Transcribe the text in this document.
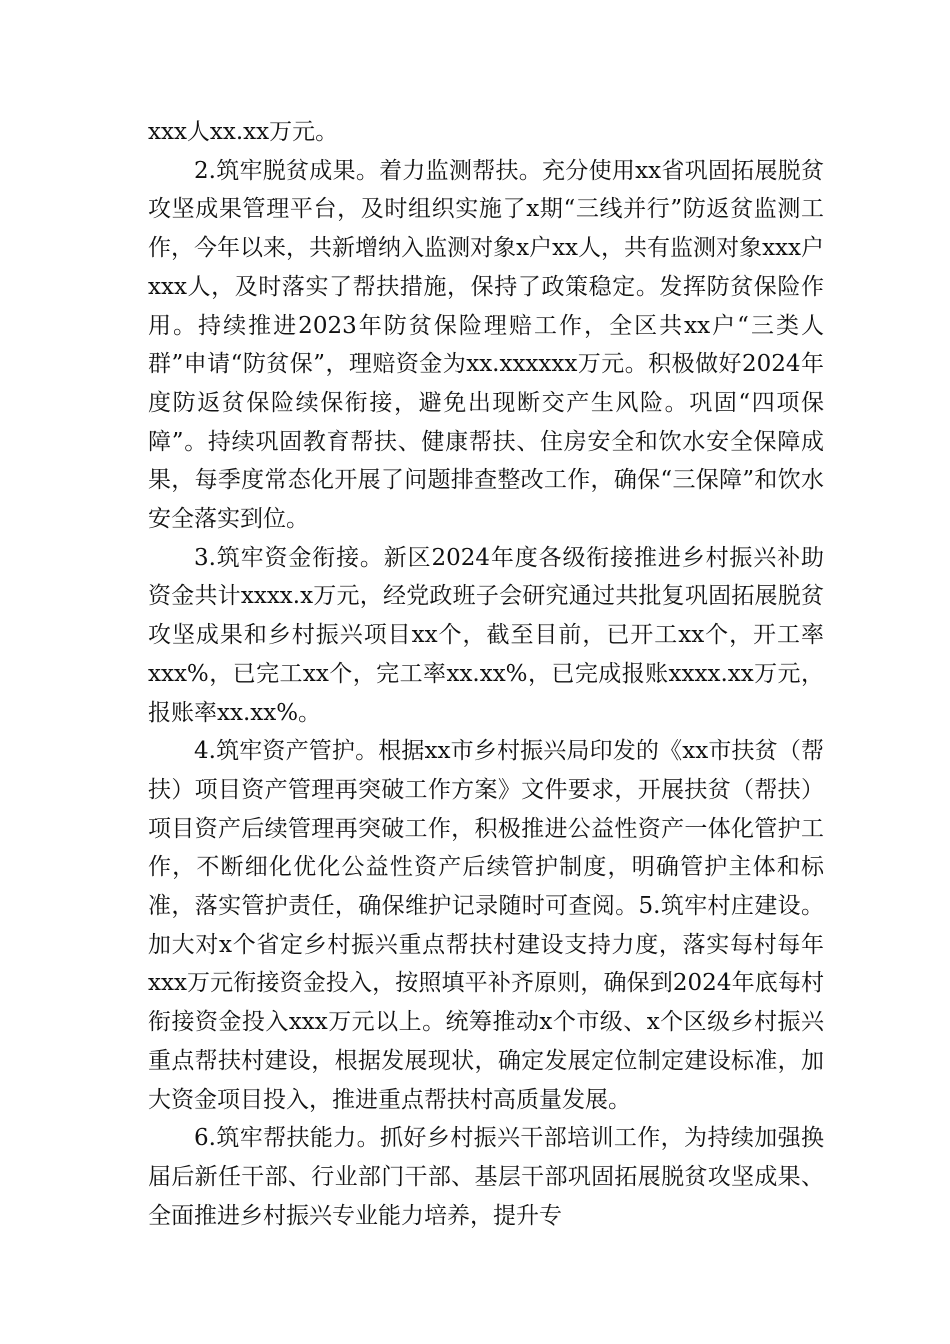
xxx人xx.xx万元。

2.筑牢脱贫成果。着力监测帮扶。充分使用xx省巩固拓展脱贫攻坚成果管理平台，及时组织实施了x期“三线并行”防返贫监测工作，今年以来，共新增纳入监测对象x户xx人，共有监测对象xxx户xxx人，及时落实了帮扶措施，保持了政策稳定。发挥防贫保险作用。持续推进2023年防贫保险理赔工作，全区共xx户“三类人群”申请“防贫保”，理赔资金为xx.xxxxxx万元。积极做好2024年度防返贫保险续保衔接，避免出现断交产生风险。巩固“四项保障”。持续巩固教育帮扶、健康帮扶、住房安全和饮水安全保障成果，每季度常态化开展了问题排查整改工作，确保“三保障”和饮水安全落实到位。

3.筑牢资金衔接。新区2024年度各级衔接推进乡村振兴补助资金共计xxxx.x万元，经党政班子会研究通过共批复巩固拓展脱贫攻坚成果和乡村振兴项目xx个，截至目前，已开工xx个，开工率xxx%，已完工xx个，完工率xx.xx%，已完成报账xxxx.xx万元，报账率xx.xx%。

4.筑牢资产管护。根据xx市乡村振兴局印发的《xx市扶贫（帮扶）项目资产管理再突破工作方案》文件要求，开展扶贫（帮扶）项目资产后续管理再突破工作，积极推进公益性资产一体化管护工作，不断细化优化公益性资产后续管护制度，明确管护主体和标准，落实管护责任，确保维护记录随时可查阅。5.筑牢村庄建设。加大对x个省定乡村振兴重点帮扶村建设支持力度，落实每村每年xxx万元衔接资金投入，按照填平补齐原则，确保到2024年底每村衔接资金投入xxx万元以上。统筹推动x个市级、x个区级乡村振兴重点帮扶村建设，根据发展现状，确定发展定位制定建设标准，加大资金项目投入，推进重点帮扶村高质量发展。

6.筑牢帮扶能力。抓好乡村振兴干部培训工作，为持续加强换届后新任干部、行业部门干部、基层干部巩固拓展脱贫攻坚成果、全面推进乡村振兴专业能力培养，提升专
